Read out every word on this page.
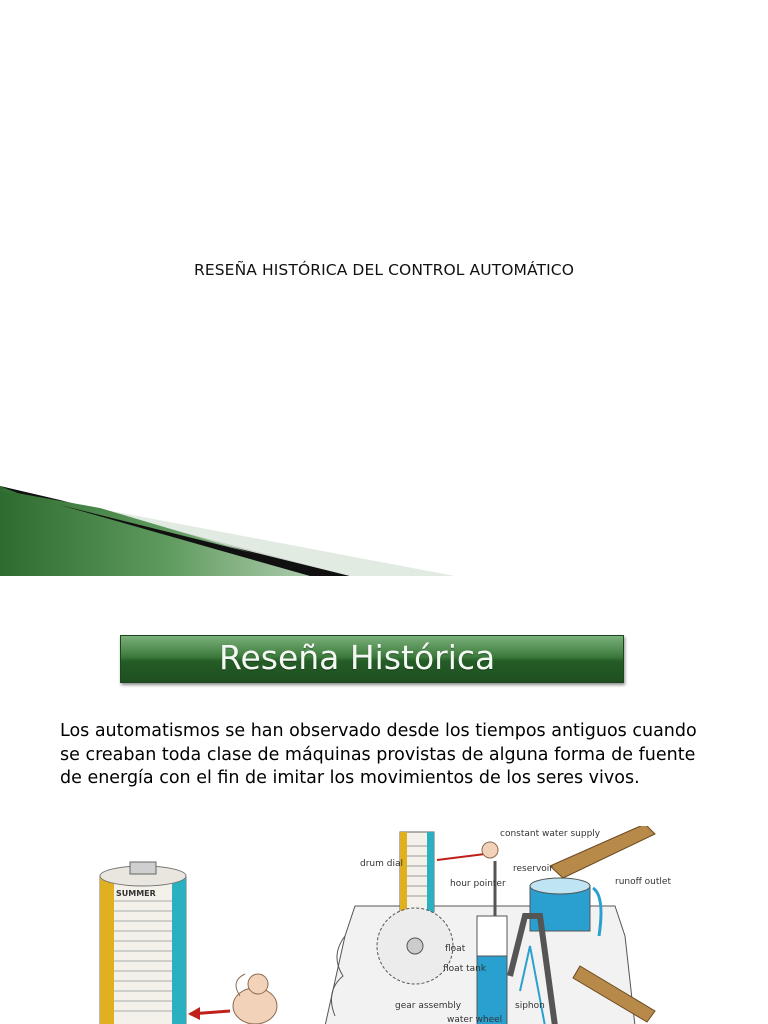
RESEÑA HISTÓRICA DEL CONTROL AUTOMÁTICO
Reseña Histórica
Los automatismos se han observado desde los tiempos antiguos cuando se creaban toda clase de máquinas provistas de alguna forma de fuente de energía con el fin de imitar los movimientos de los seres vivos.
SUMMER
constant water supply
drum dial	reservoir
runoff outlet
hour pointer
float
float tank
gear assembly	siphon
water wheel
